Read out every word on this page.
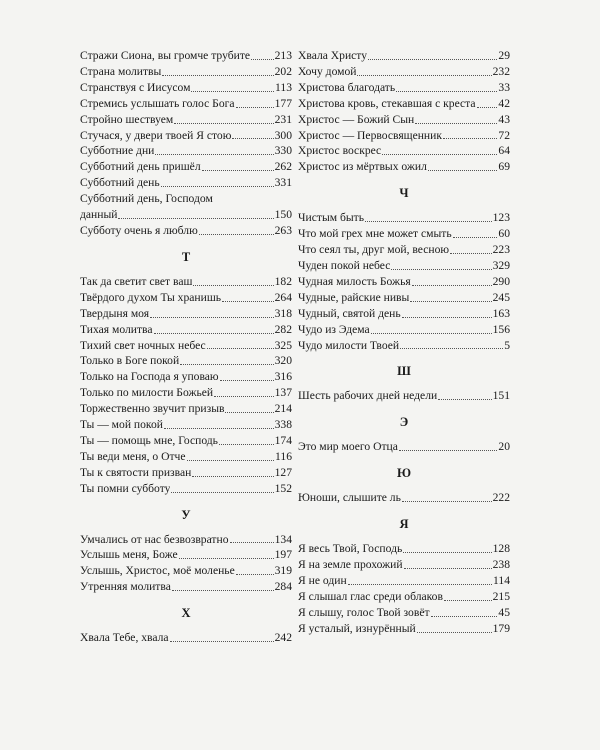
Стражи Сиона, вы громче трубите 213
Страна молитвы	202
Странствуя с Иисусом	113
Стремись услышать голос Бога	177
Стройно шествуем	231
Стучася, у двери твоей Я стою	300
Субботние дни	330
Субботний день пришёл	262
Субботний день	331
Субботний день, Господом
данный	150
Субботу очень я люблю	263
Т
Так да светит свет ваш	182
Твёрдого духом Ты хранишь	264
Твердыня моя	318
Тихая молитва	282
Тихий свет ночных небес	325
Только в Боге покой	320
Только на Господа я уповаю	316
Только по милости Божьей	137
Торжественно звучит призыв	214
Ты — мой покой	338
Ты — помощь мне, Господь	174
Ты веди меня, о Отче	116
Ты к святости призван	127
Ты помни субботу	152
У
Умчались от нас безвозвратно	134
Услышь меня, Боже	197
Услышь, Христос, моё моленье	319
Утренняя молитва	284
Х
Хвала Тебе, хвала	242
Хвала Христу	29
Хочу домой	232
Христова благодать	33
Христова кровь, стекавшая с креста 42
Христос — Божий Сын	43
Христос — Первосвященник	72
Христос воскрес	64
Христос из мёртвых ожил	69
Ч
Чистым быть	123
Что мой грех мне может смыть	60
Что сеял ты, друг мой, весною	223
Чуден покой небес	329
Чудная милость Божья	290
Чудные, райские нивы	245
Чудный, святой день	163
Чудо из Эдема	156
Чудо милости Твоей	5
Ш
Шесть рабочих дней недели	151
Э
Это мир моего Отца	20
Ю
Юноши, слышите ль	222
Я
Я весь Твой, Господь	128
Я на земле прохожий	238
Я не один	114
Я слышал глас среди облаков	215
Я слышу, голос Твой зовёт	45
Я усталый, изнурённый	179
